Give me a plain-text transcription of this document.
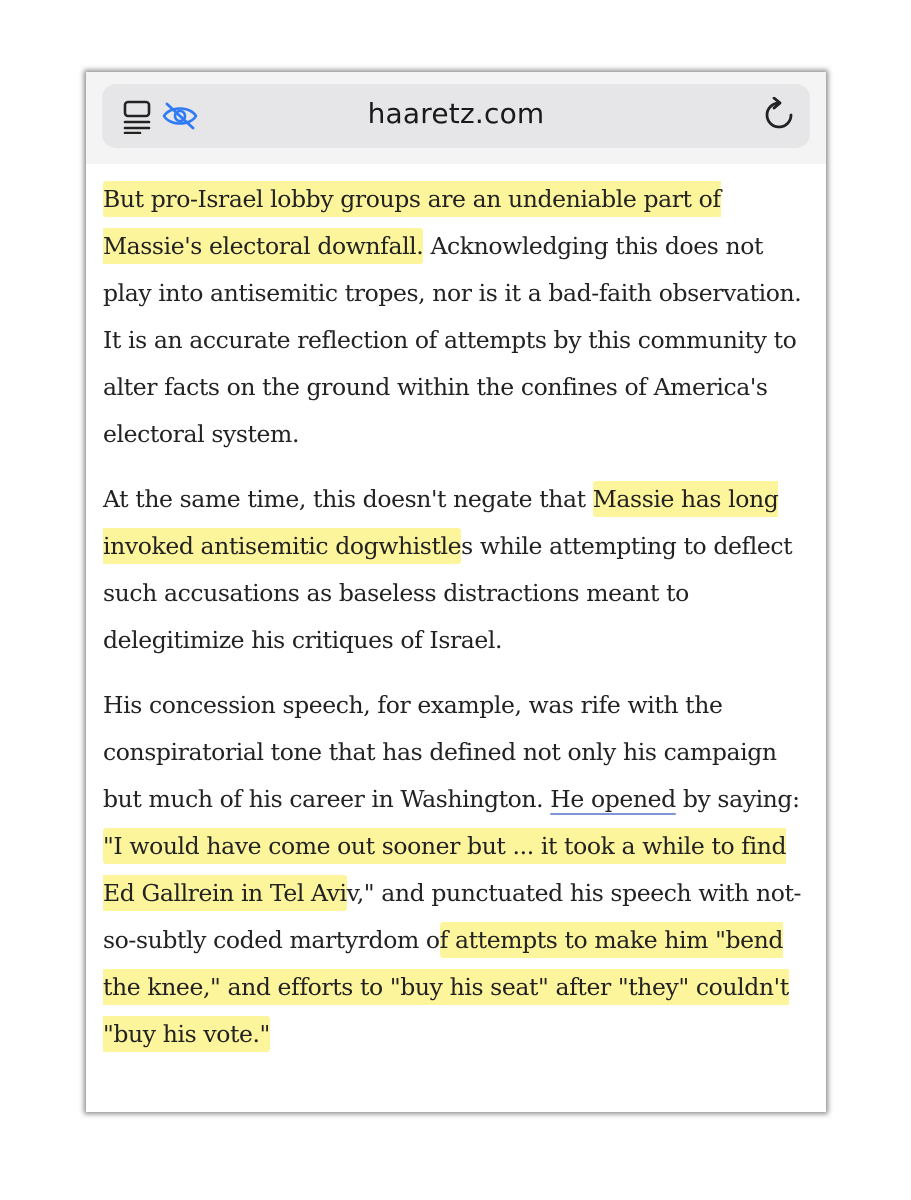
haaretz.com

But pro-Israel lobby groups are an undeniable part of Massie's electoral downfall. Acknowledging this does not play into antisemitic tropes, nor is it a bad-faith observation. It is an accurate reflection of attempts by this community to alter facts on the ground within the confines of America's electoral system.

At the same time, this doesn't negate that Massie has long invoked antisemitic dogwhistles while attempting to deflect such accusations as baseless distractions meant to delegitimize his critiques of Israel.

His concession speech, for example, was rife with the conspiratorial tone that has defined not only his campaign but much of his career in Washington. He opened by saying: "I would have come out sooner but ... it took a while to find Ed Gallrein in Tel Aviv," and punctuated his speech with not-so-subtly coded martyrdom of attempts to make him "bend the knee," and efforts to "buy his seat" after "they" couldn't "buy his vote."
